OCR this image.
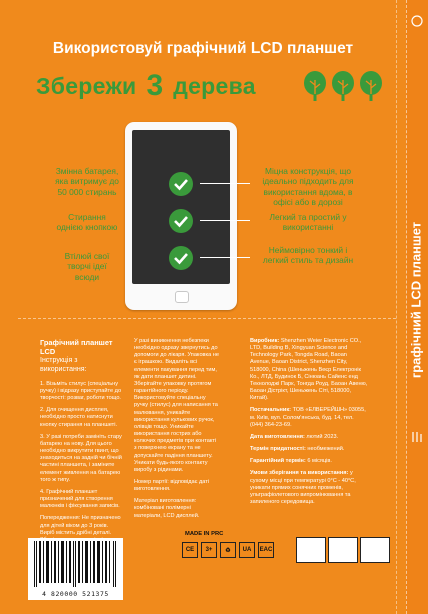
графічний LCD планшет
Використовуй графічний LCD планшет
Збережи 3 дерева
Змінна батарея, яка витримує до 50 000 стирань
Стирання однією кнопкою
Втілюй свої творчі ідеї всюди
Міцна конструкція, що ідеально підходить для використання вдома, в офісі або в дорозі
Легкий та простий у використанні
Неймовірно тонкий і легкий стиль та дизайн
Графічний планшет LCD
Інструкція з використання:

1. Візьміть стилус (спеціальну ручку) і відразу приступайте до творчості: розваг, роботи тощо.

2. Для очищення дисплея, необхідно просто натиснути кнопку стирання на планшеті.

3. У разі потреби замініть стару батарею на нову. Для цього необхідно викрутити гвинт, що знаходиться на задній чи бічній частині планшета, і заміните елемент живлення на батарею того ж типу.

4. Графічний планшет призначений для створення малюнків і фіксування записів.

Попередження: Не призначено для дітей віком до 3 років. Виріб містить дрібні деталі.

У разі виникнення небезпеки необхідно одразу звернутись до допомоги до лікаря. Упаковка не є іграшкою. Видаліть всі елементи пакування перед тим, як дати планшет дитині. Зберігайте упаковку протягом гарантійного періоду. Використовуйте спеціальну ручку (стилус) для написання та малювання, уникайте використання кулькових ручок, олівців тощо. Уникайте використання гострих або колючих предметів при контакті з поверхнею екрану та не допускайте падіння планшету. Уникати будь-якого контакту виробу з рідинами.

Номер партії: відповідає даті виготовлення.

Матеріал виготовлення: комбіновані полімерні матеріали, LCD дисплей.

Виробник: Shenzhen Weier Electronic CO., LTD, Building B, Xingyuan Science and Technology Park, Tongda Road, Baoan Avenue, Baoan District, Shenzhen City, 518000, China (Шеньжень Веєр Електронік Ко., ЛТД, Будинок Б, Сінюань Сайенс енд Текнолоджі Парк, Тонгда Роуд, Баоан Авеню, Баоан Дістрікт, Шеньжень Сіті, 518000, Китай).

Постачальник: ТОВ «ЕЛВЕРЕЙШН» 03055, м. Київ, вул. Соломʼянська, буд. 14, тел. (044) 364-23-69.

Дата виготовлення: лютий 2023.

Термін придатності: необмежений.

Гарантійний термін: 6 місяців.

Умови зберігання та використання: у сухому місці при температурі 0°С - 40°С, уникати прямих сонячних променів, ультрафіолетового випромінювання та запиленого середовища.

MADE IN PRC
CE	3+	♻	UA	EAC
4 820000 521375
